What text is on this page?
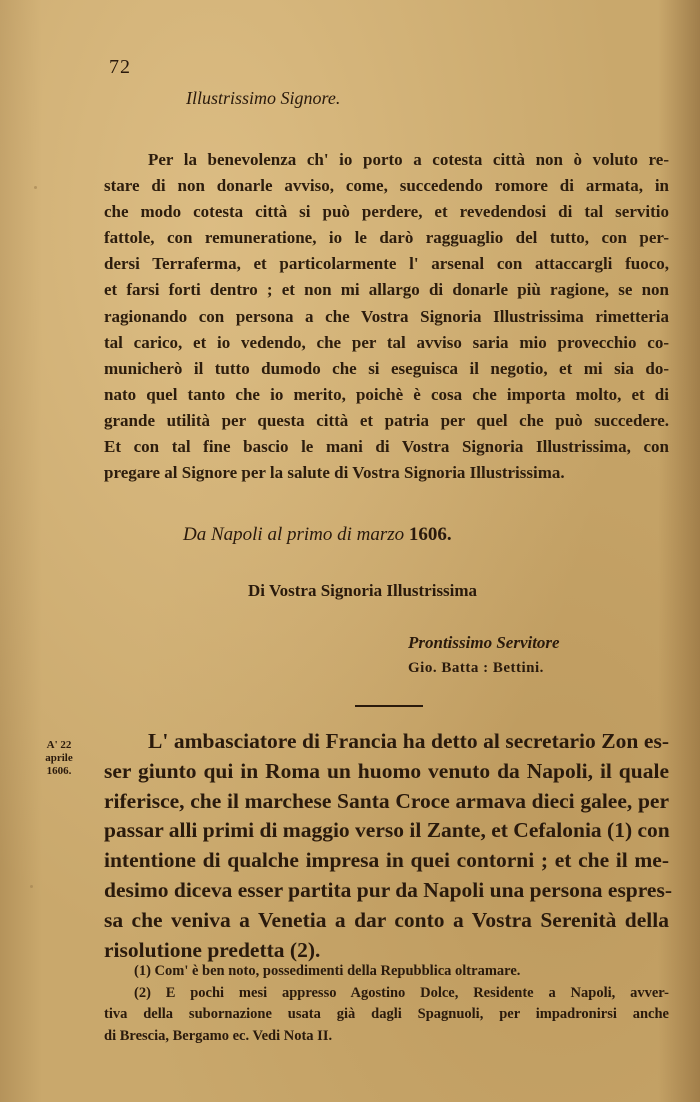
72
Illustrissimo Signore.
Per la benevolenza ch' io porto a cotesta città non ò voluto re-
stare di non donarle avviso, come, succedendo romore di armata, in
che modo cotesta città si può perdere, et revedendosi di tal servitio
fattole, con remuneratione, io le darò ragguaglio del tutto, con per-
dersi Terraferma, et particolarmente l' arsenal con attaccargli fuoco,
et farsi forti dentro ; et non mi allargo di donarle più ragione, se non
ragionando con persona a che Vostra Signoria Illustrissima rimetteria
tal carico, et io vedendo, che per tal avviso saria mio provecchio co-
municherò il tutto dumodo che si eseguisca il negotio, et mi sia do-
nato quel tanto che io merito, poichè è cosa che importa molto, et di
grande utilità per questa città et patria per quel che può succedere.
Et con tal fine bascio le mani di Vostra Signoria Illustrissima, con
pregare al Signore per la salute di Vostra Signoria Illustrissima.
Da Napoli al primo di marzo 1606.
Di Vostra Signoria Illustrissima
Prontissimo Servitore
Gio. Batta : Bettini.
A' 22
aprile
1606.
L' ambasciatore di Francia ha detto al secretario Zon es-
ser giunto qui in Roma un huomo venuto da Napoli, il quale
riferisce, che il marchese Santa Croce armava dieci galee, per
passar alli primi di maggio verso il Zante, et Cefalonia (1) con
intentione di qualche impresa in quei contorni ; et che il me-
desimo diceva esser partita pur da Napoli una persona espres-
sa che veniva a Venetia a dar conto a Vostra Serenità della
risolutione predetta (2).
(1) Com' è ben noto, possedimenti della Repubblica oltramare.
(2) E pochi mesi appresso Agostino Dolce, Residente a Napoli, avver-
tiva della subornazione usata già dagli Spagnuoli, per impadronirsi anche
di Brescia, Bergamo ec. Vedi Nota II.
